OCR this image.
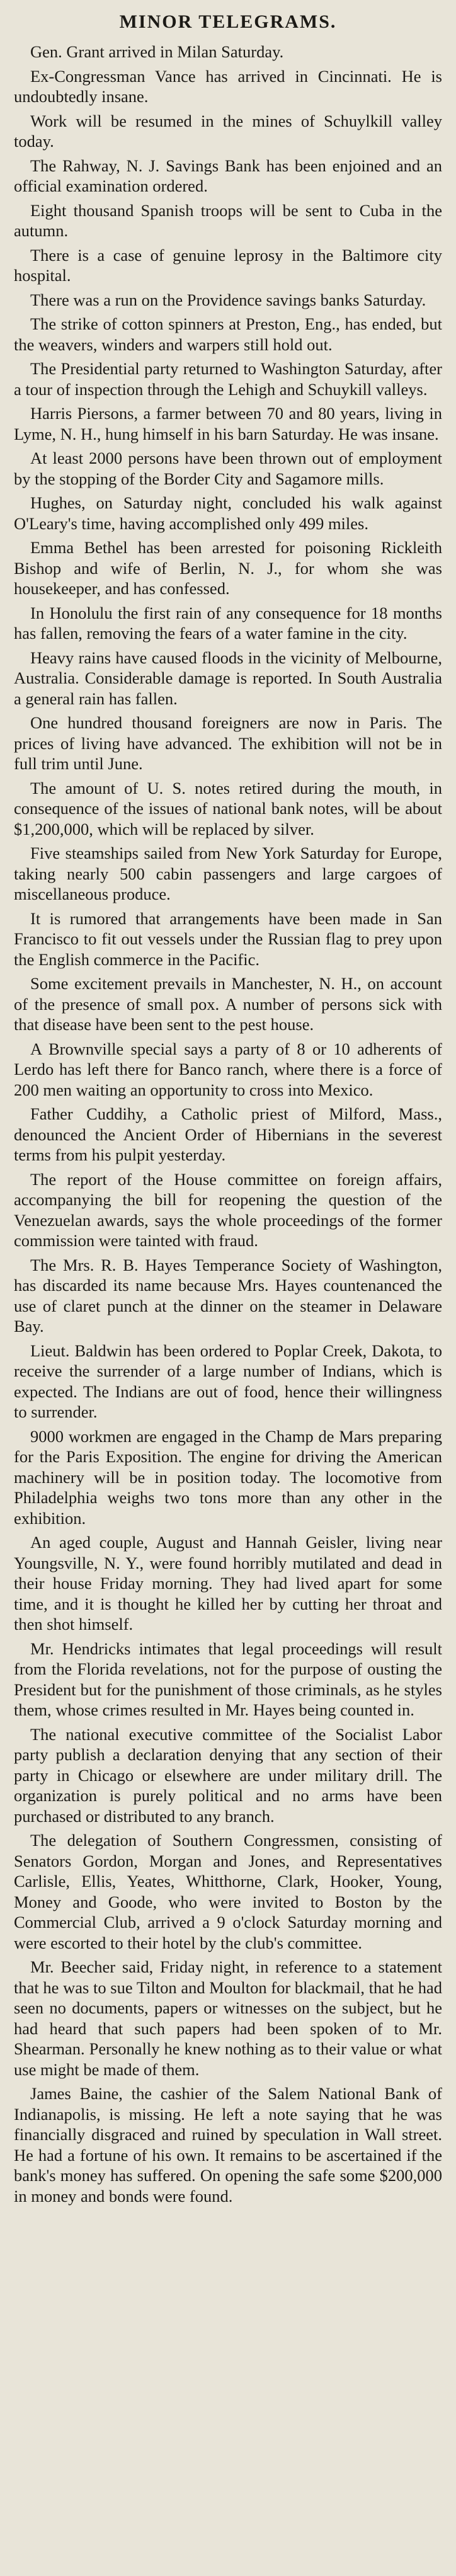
MINOR TELEGRAMS.

Gen. Grant arrived in Milan Saturday.

Ex-Congressman Vance has arrived in Cincinnati. He is undoubtedly insane.

Work will be resumed in the mines of Schuylkill valley today.

The Rahway, N. J. Savings Bank has been enjoined and an official examination ordered.

Eight thousand Spanish troops will be sent to Cuba in the autumn.

There is a case of genuine leprosy in the Baltimore city hospital.

There was a run on the Providence savings banks Saturday.

The strike of cotton spinners at Preston, Eng., has ended, but the weavers, winders and warpers still hold out.

The Presidential party returned to Washington Saturday, after a tour of inspection through the Lehigh and Schuykill valleys.

Harris Piersons, a farmer between 70 and 80 years, living in Lyme, N. H., hung himself in his barn Saturday. He was insane.

At least 2000 persons have been thrown out of employment by the stopping of the Border City and Sagamore mills.

Hughes, on Saturday night, concluded his walk against O'Leary's time, having accomplished only 499 miles.

Emma Bethel has been arrested for poisoning Rickleith Bishop and wife of Berlin, N. J., for whom she was housekeeper, and has confessed.

In Honolulu the first rain of any consequence for 18 months has fallen, removing the fears of a water famine in the city.

Heavy rains have caused floods in the vicinity of Melbourne, Australia. Considerable damage is reported. In South Australia a general rain has fallen.

One hundred thousand foreigners are now in Paris. The prices of living have advanced. The exhibition will not be in full trim until June.

The amount of U. S. notes retired during the mouth, in consequence of the issues of national bank notes, will be about $1,200,000, which will be replaced by silver.

Five steamships sailed from New York Saturday for Europe, taking nearly 500 cabin passengers and large cargoes of miscellaneous produce.

It is rumored that arrangements have been made in San Francisco to fit out vessels under the Russian flag to prey upon the English commerce in the Pacific.

Some excitement prevails in Manchester, N. H., on account of the presence of small pox. A number of persons sick with that disease have been sent to the pest house.

A Brownville special says a party of 8 or 10 adherents of Lerdo has left there for Banco ranch, where there is a force of 200 men waiting an opportunity to cross into Mexico.

Father Cuddihy, a Catholic priest of Milford, Mass., denounced the Ancient Order of Hibernians in the severest terms from his pulpit yesterday.

The report of the House committee on foreign affairs, accompanying the bill for reopening the question of the Venezuelan awards, says the whole proceedings of the former commission were tainted with fraud.

The Mrs. R. B. Hayes Temperance Society of Washington, has discarded its name because Mrs. Hayes countenanced the use of claret punch at the dinner on the steamer in Delaware Bay.

Lieut. Baldwin has been ordered to Poplar Creek, Dakota, to receive the surrender of a large number of Indians, which is expected. The Indians are out of food, hence their willingness to surrender.

9000 workmen are engaged in the Champ de Mars preparing for the Paris Exposition. The engine for driving the American machinery will be in position today. The locomotive from Philadelphia weighs two tons more than any other in the exhibition.

An aged couple, August and Hannah Geisler, living near Youngsville, N. Y., were found horribly mutilated and dead in their house Friday morning. They had lived apart for some time, and it is thought he killed her by cutting her throat and then shot himself.

Mr. Hendricks intimates that legal proceedings will result from the Florida revelations, not for the purpose of ousting the President but for the punishment of those criminals, as he styles them, whose crimes resulted in Mr. Hayes being counted in.

The national executive committee of the Socialist Labor party publish a declaration denying that any section of their party in Chicago or elsewhere are under military drill. The organization is purely political and no arms have been purchased or distributed to any branch.

The delegation of Southern Congressmen, consisting of Senators Gordon, Morgan and Jones, and Representatives Carlisle, Ellis, Yeates, Whitthorne, Clark, Hooker, Young, Money and Goode, who were invited to Boston by the Commercial Club, arrived a 9 o'clock Saturday morning and were escorted to their hotel by the club's committee.

Mr. Beecher said, Friday night, in reference to a statement that he was to sue Tilton and Moulton for blackmail, that he had seen no documents, papers or witnesses on the subject, but he had heard that such papers had been spoken of to Mr. Shearman. Personally he knew nothing as to their value or what use might be made of them.

James Baine, the cashier of the Salem National Bank of Indianapolis, is missing. He left a note saying that he was financially disgraced and ruined by speculation in Wall street. He had a fortune of his own. It remains to be ascertained if the bank's money has suffered. On opening the safe some $200,000 in money and bonds were found.
